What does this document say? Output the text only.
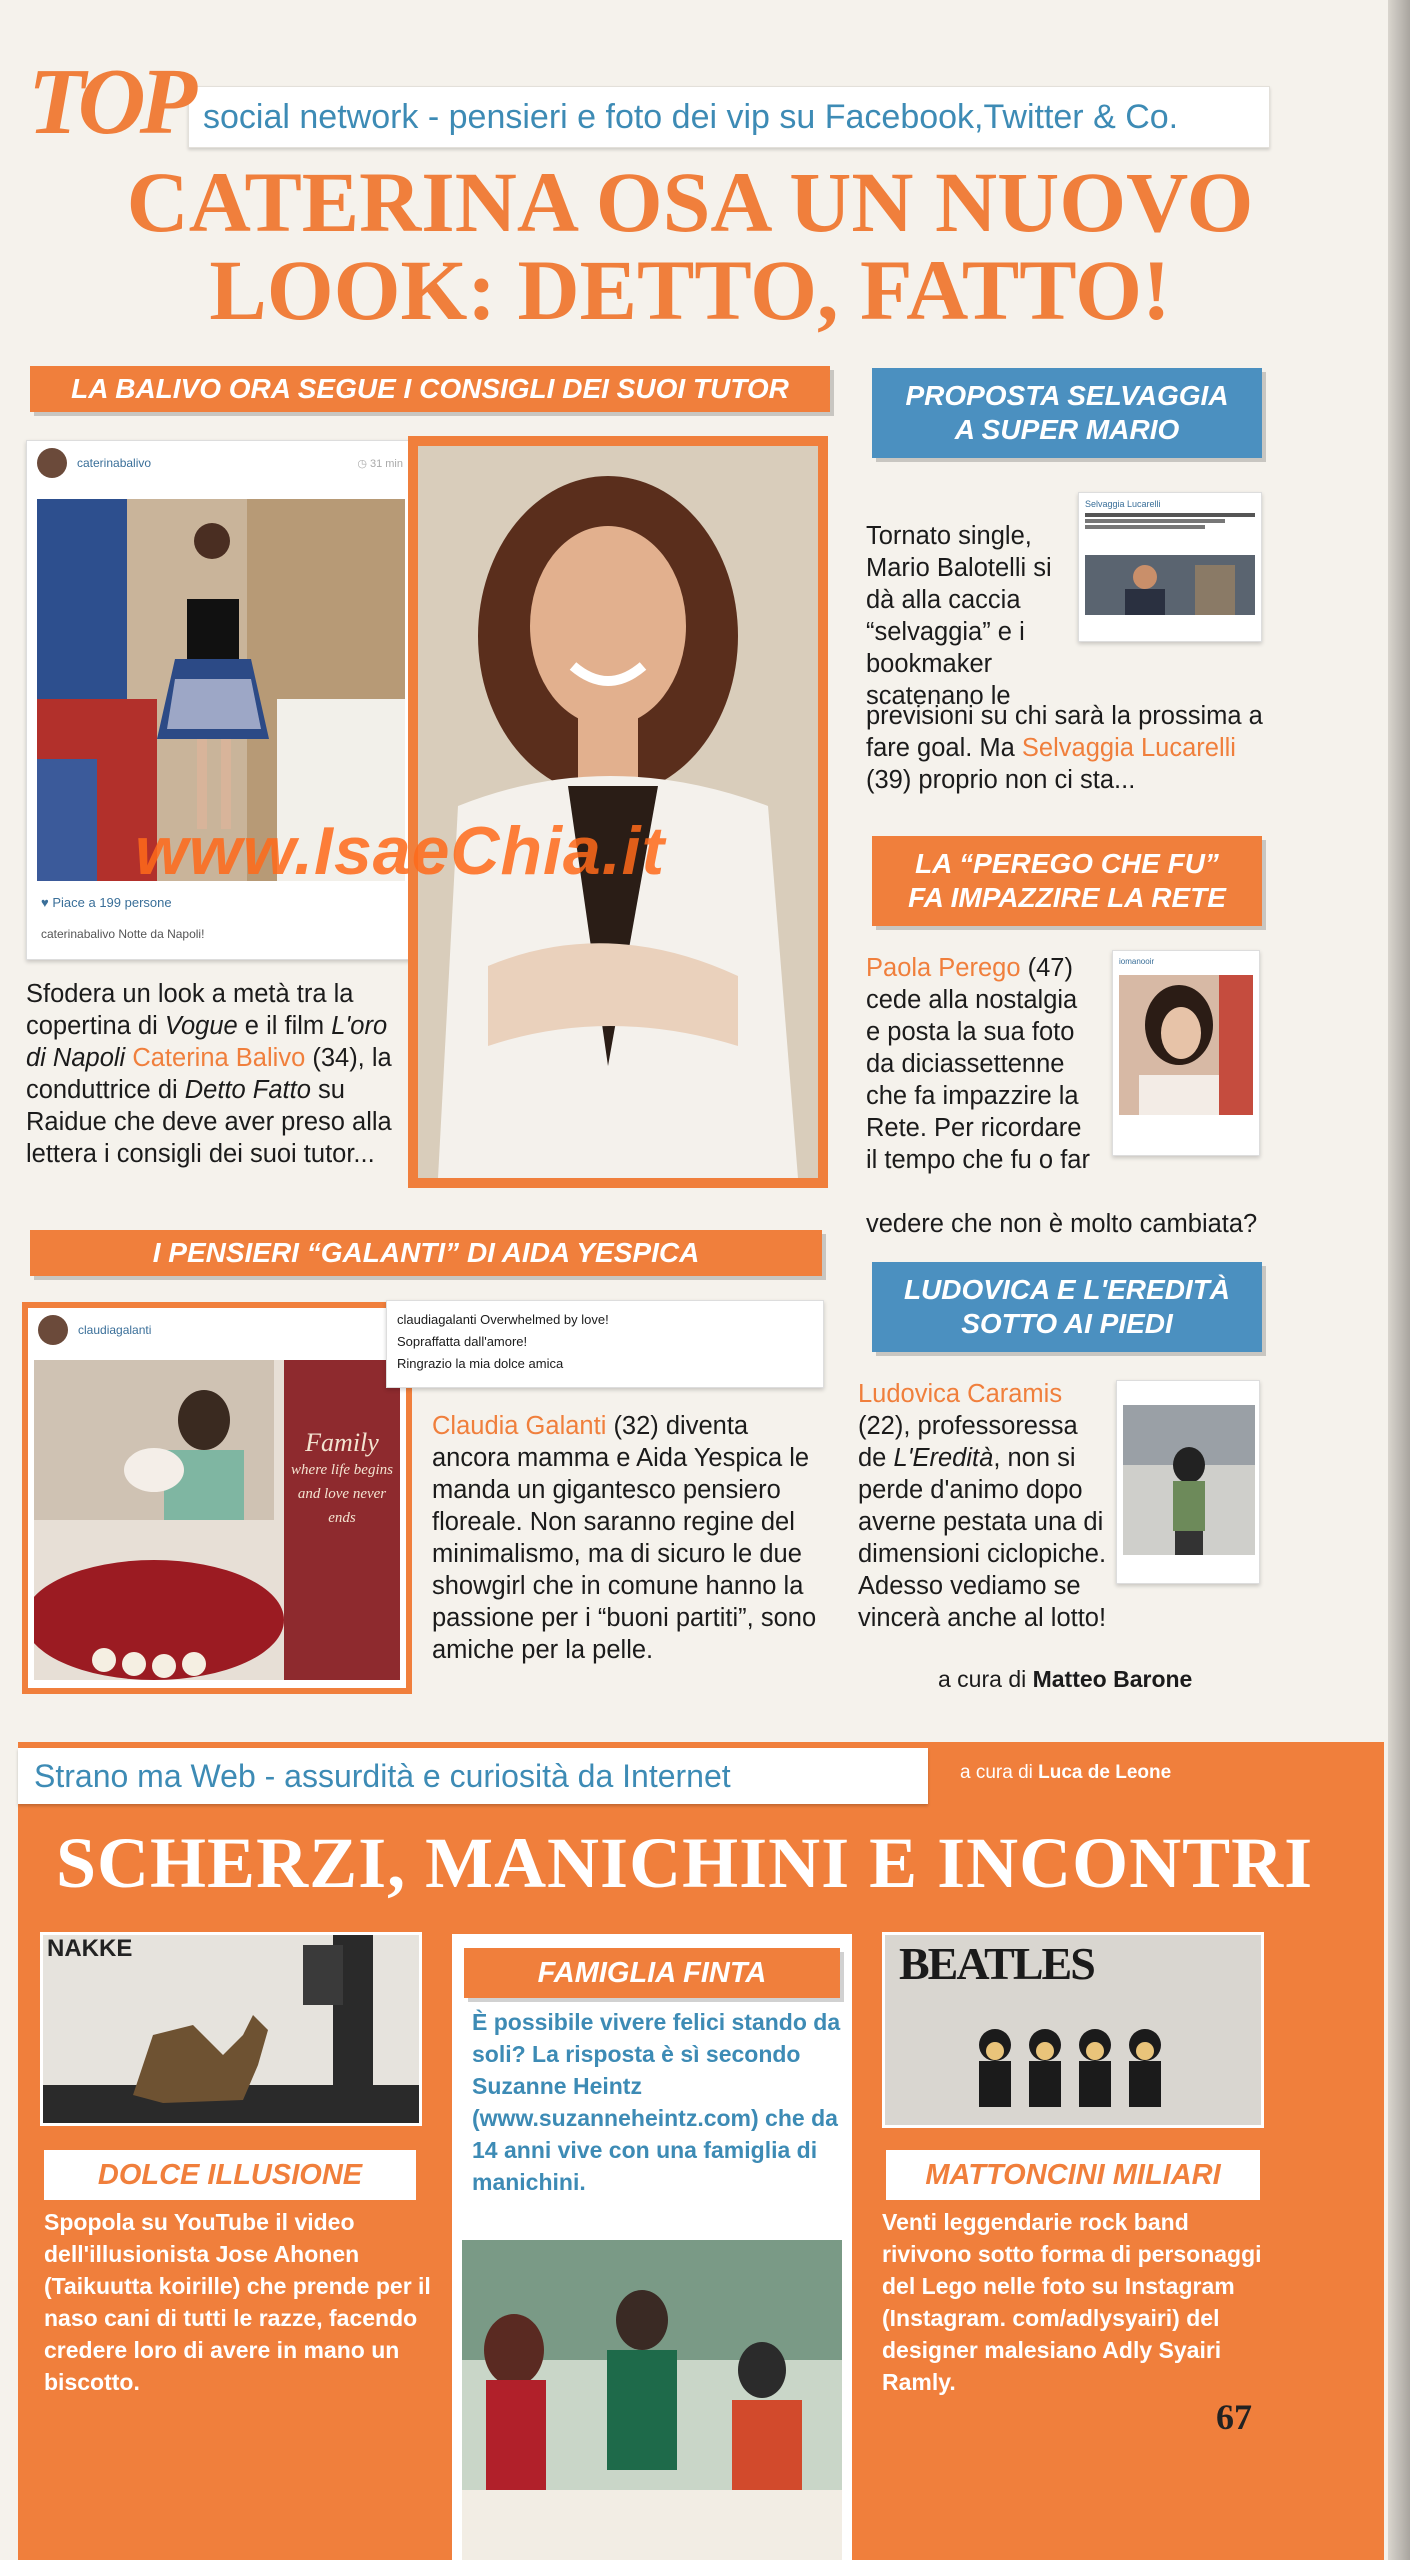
social network - pensieri e foto dei vip su Facebook,Twitter & Co.
TOP
CATERINA OSA UN NUOVO
LOOK: DETTO, FATTO!
LA BALIVO ORA SEGUE I CONSIGLI DEI SUOI TUTOR
caterinabalivo	◷ 31 min
♥ Piace a 199 persone
caterinabalivo Notte da Napoli!
Sfodera un look a metà tra la copertina di Vogue e il film L'oro di Napoli Caterina Balivo (34), la conduttrice di Detto Fatto su Raidue che deve aver preso alla lettera i consigli dei suoi tutor...
www.IsaeChia.it
PROPOSTA SELVAGGIA
A SUPER MARIO
Tornato single, Mario Balotelli si dà alla caccia “selvaggia” e i bookmaker scatenano le
Selvaggia Lucarelli
previsioni su chi sarà la prossima a fare goal. Ma Selvaggia Lucarelli (39) proprio non ci sta...
LA “PEREGO CHE FU”
FA IMPAZZIRE LA RETE
Paola Perego (47) cede alla nostalgia e posta la sua foto da diciassettenne che fa impazzire la Rete. Per ricordare il tempo che fu o far
iomanooir
vedere che non è molto cambiata?
I PENSIERI “GALANTI” DI AIDA YESPICA
claudiagalanti
Family
where life begins and love never ends
claudiagalanti Overwhelmed by love!
Sopraffatta dall'amore!
Ringrazio la mia dolce amica
Claudia Galanti (32) diventa ancora mamma e Aida Yespica le manda un gigantesco pensiero floreale. Non saranno regine del minimalismo, ma di sicuro le due showgirl che in comune hanno la passione per i “buoni partiti”, sono amiche per la pelle.
LUDOVICA E L'EREDITÀ
SOTTO AI PIEDI
Ludovica Caramis (22), professoressa de L'Eredità, non si perde d'animo dopo averne pestata una di dimensioni ciclopiche. Adesso vediamo se vincerà anche al lotto!
a cura di Matteo Barone
Strano ma Web - assurdità e curiosità da Internet	a cura di Luca de Leone
SCHERZI, MANICHINI E INCONTRI
NAKKE
DOLCE ILLUSIONE
Spopola su YouTube il video dell'illusionista Jose Ahonen (Taikuutta koirille) che prende per il naso cani di tutti le razze, facendo credere loro di avere in mano un biscotto.
FAMIGLIA FINTA
È possibile vivere felici stando da soli? La risposta è sì secondo Suzanne Heintz (www.suzanneheintz.com) che da 14 anni vive con una famiglia di manichini.
BEATLES
MATTONCINI MILIARI
Venti leggendarie rock band rivivono sotto forma di personaggi del Lego nelle foto su Instagram (Instagram. com/adlysyairi) del designer malesiano Adly Syairi Ramly.
67
